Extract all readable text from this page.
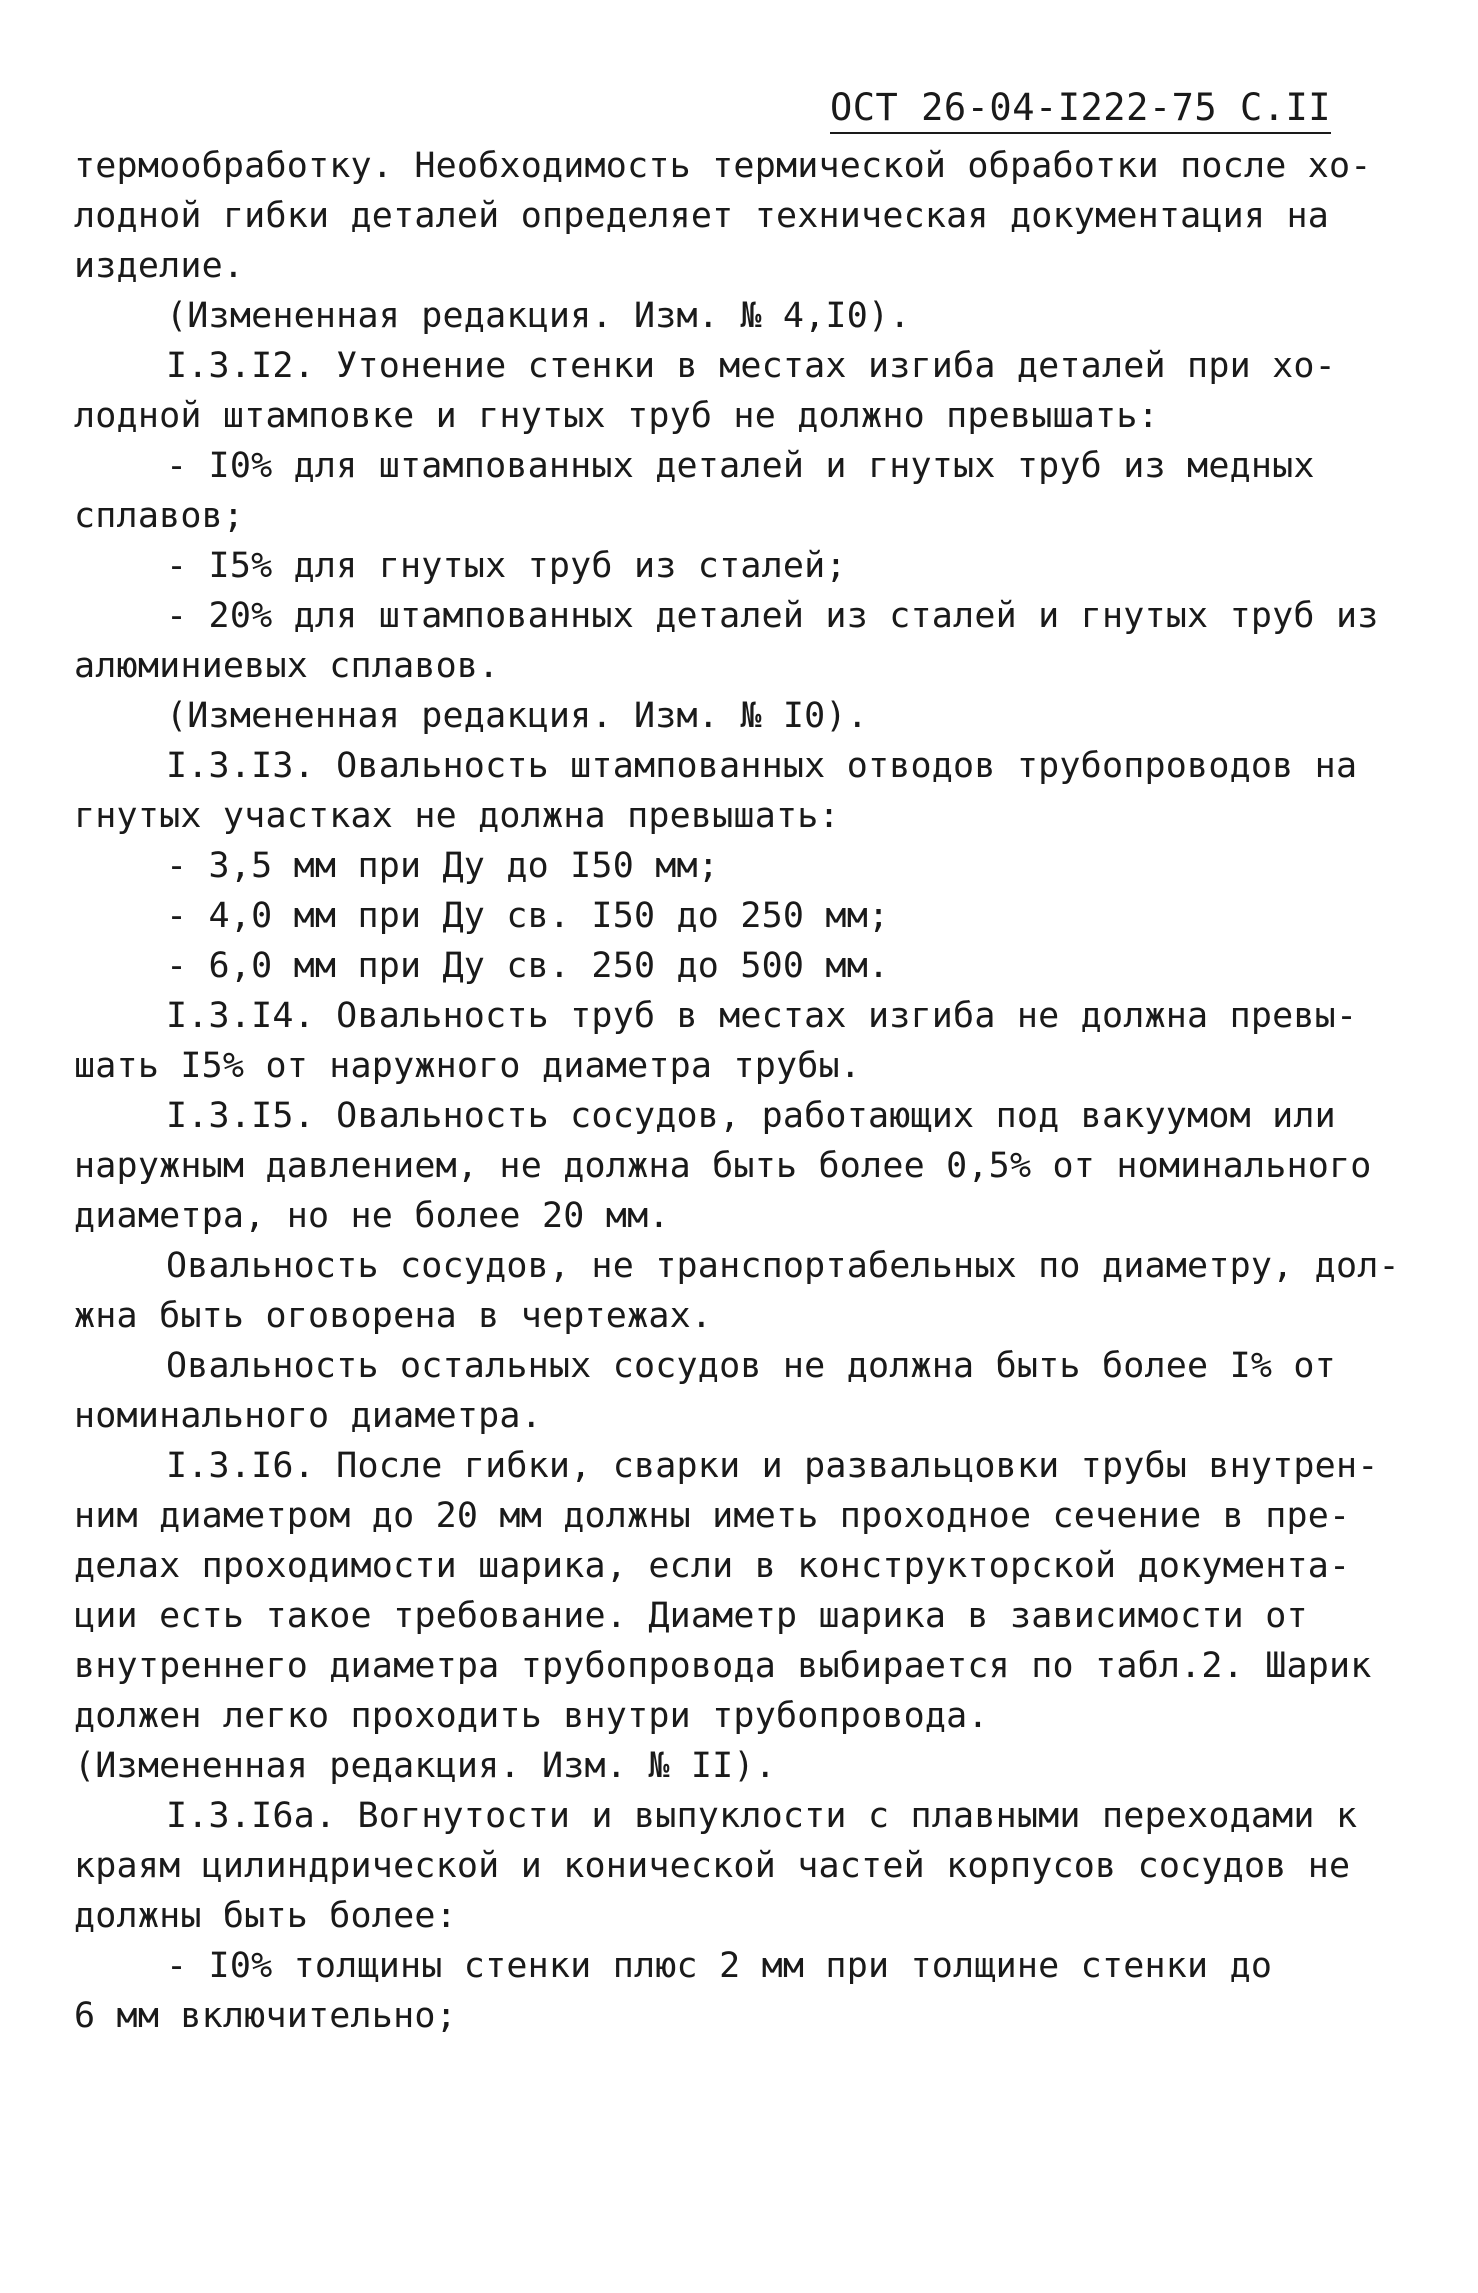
ОСТ 26-04-I222-75 С.II
термообработку. Необходимость термической обработки после хо-
лодной гибки деталей определяет техническая документация на
изделие.
(Измененная редакция. Изм. № 4,I0).
I.3.I2. Утонение стенки в местах изгиба деталей при хо-
лодной штамповке и гнутых труб не должно превышать:
- I0% для штампованных деталей и гнутых труб из медных
сплавов;
- I5% для гнутых труб из сталей;
- 20% для штампованных деталей из сталей и гнутых труб из
алюминиевых сплавов.
(Измененная редакция. Изм. № I0).
I.3.I3. Овальность штампованных отводов трубопроводов на
гнутых участках не должна превышать:
- 3,5 мм при Ду до I50 мм;
- 4,0 мм при Ду св. I50 до 250 мм;
- 6,0 мм при Ду св. 250 до 500 мм.
I.3.I4. Овальность труб в местах изгиба не должна превы-
шать I5% от наружного диаметра трубы.
I.3.I5. Овальность сосудов, работающих под вакуумом или
наружным давлением, не должна быть более 0,5% от номинального
диаметра, но не более 20 мм.
Овальность сосудов, не транспортабельных по диаметру, дол-
жна быть оговорена в чертежах.
Овальность остальных сосудов не должна быть более I% от
номинального диаметра.
I.3.I6. После гибки, сварки и развальцовки трубы внутрен-
ним диаметром до 20 мм должны иметь проходное сечение в пре-
делах проходимости шарика, если в конструкторской документа-
ции есть такое требование. Диаметр шарика в зависимости от
внутреннего диаметра трубопровода выбирается по табл.2. Шарик
должен легко проходить внутри трубопровода.
(Измененная редакция. Изм. № II).
I.3.I6а. Вогнутости и выпуклости с плавными переходами к
краям цилиндрической и конической частей корпусов сосудов не
должны быть более:
- I0% толщины стенки плюс 2 мм при толщине стенки до
6 мм включительно;
